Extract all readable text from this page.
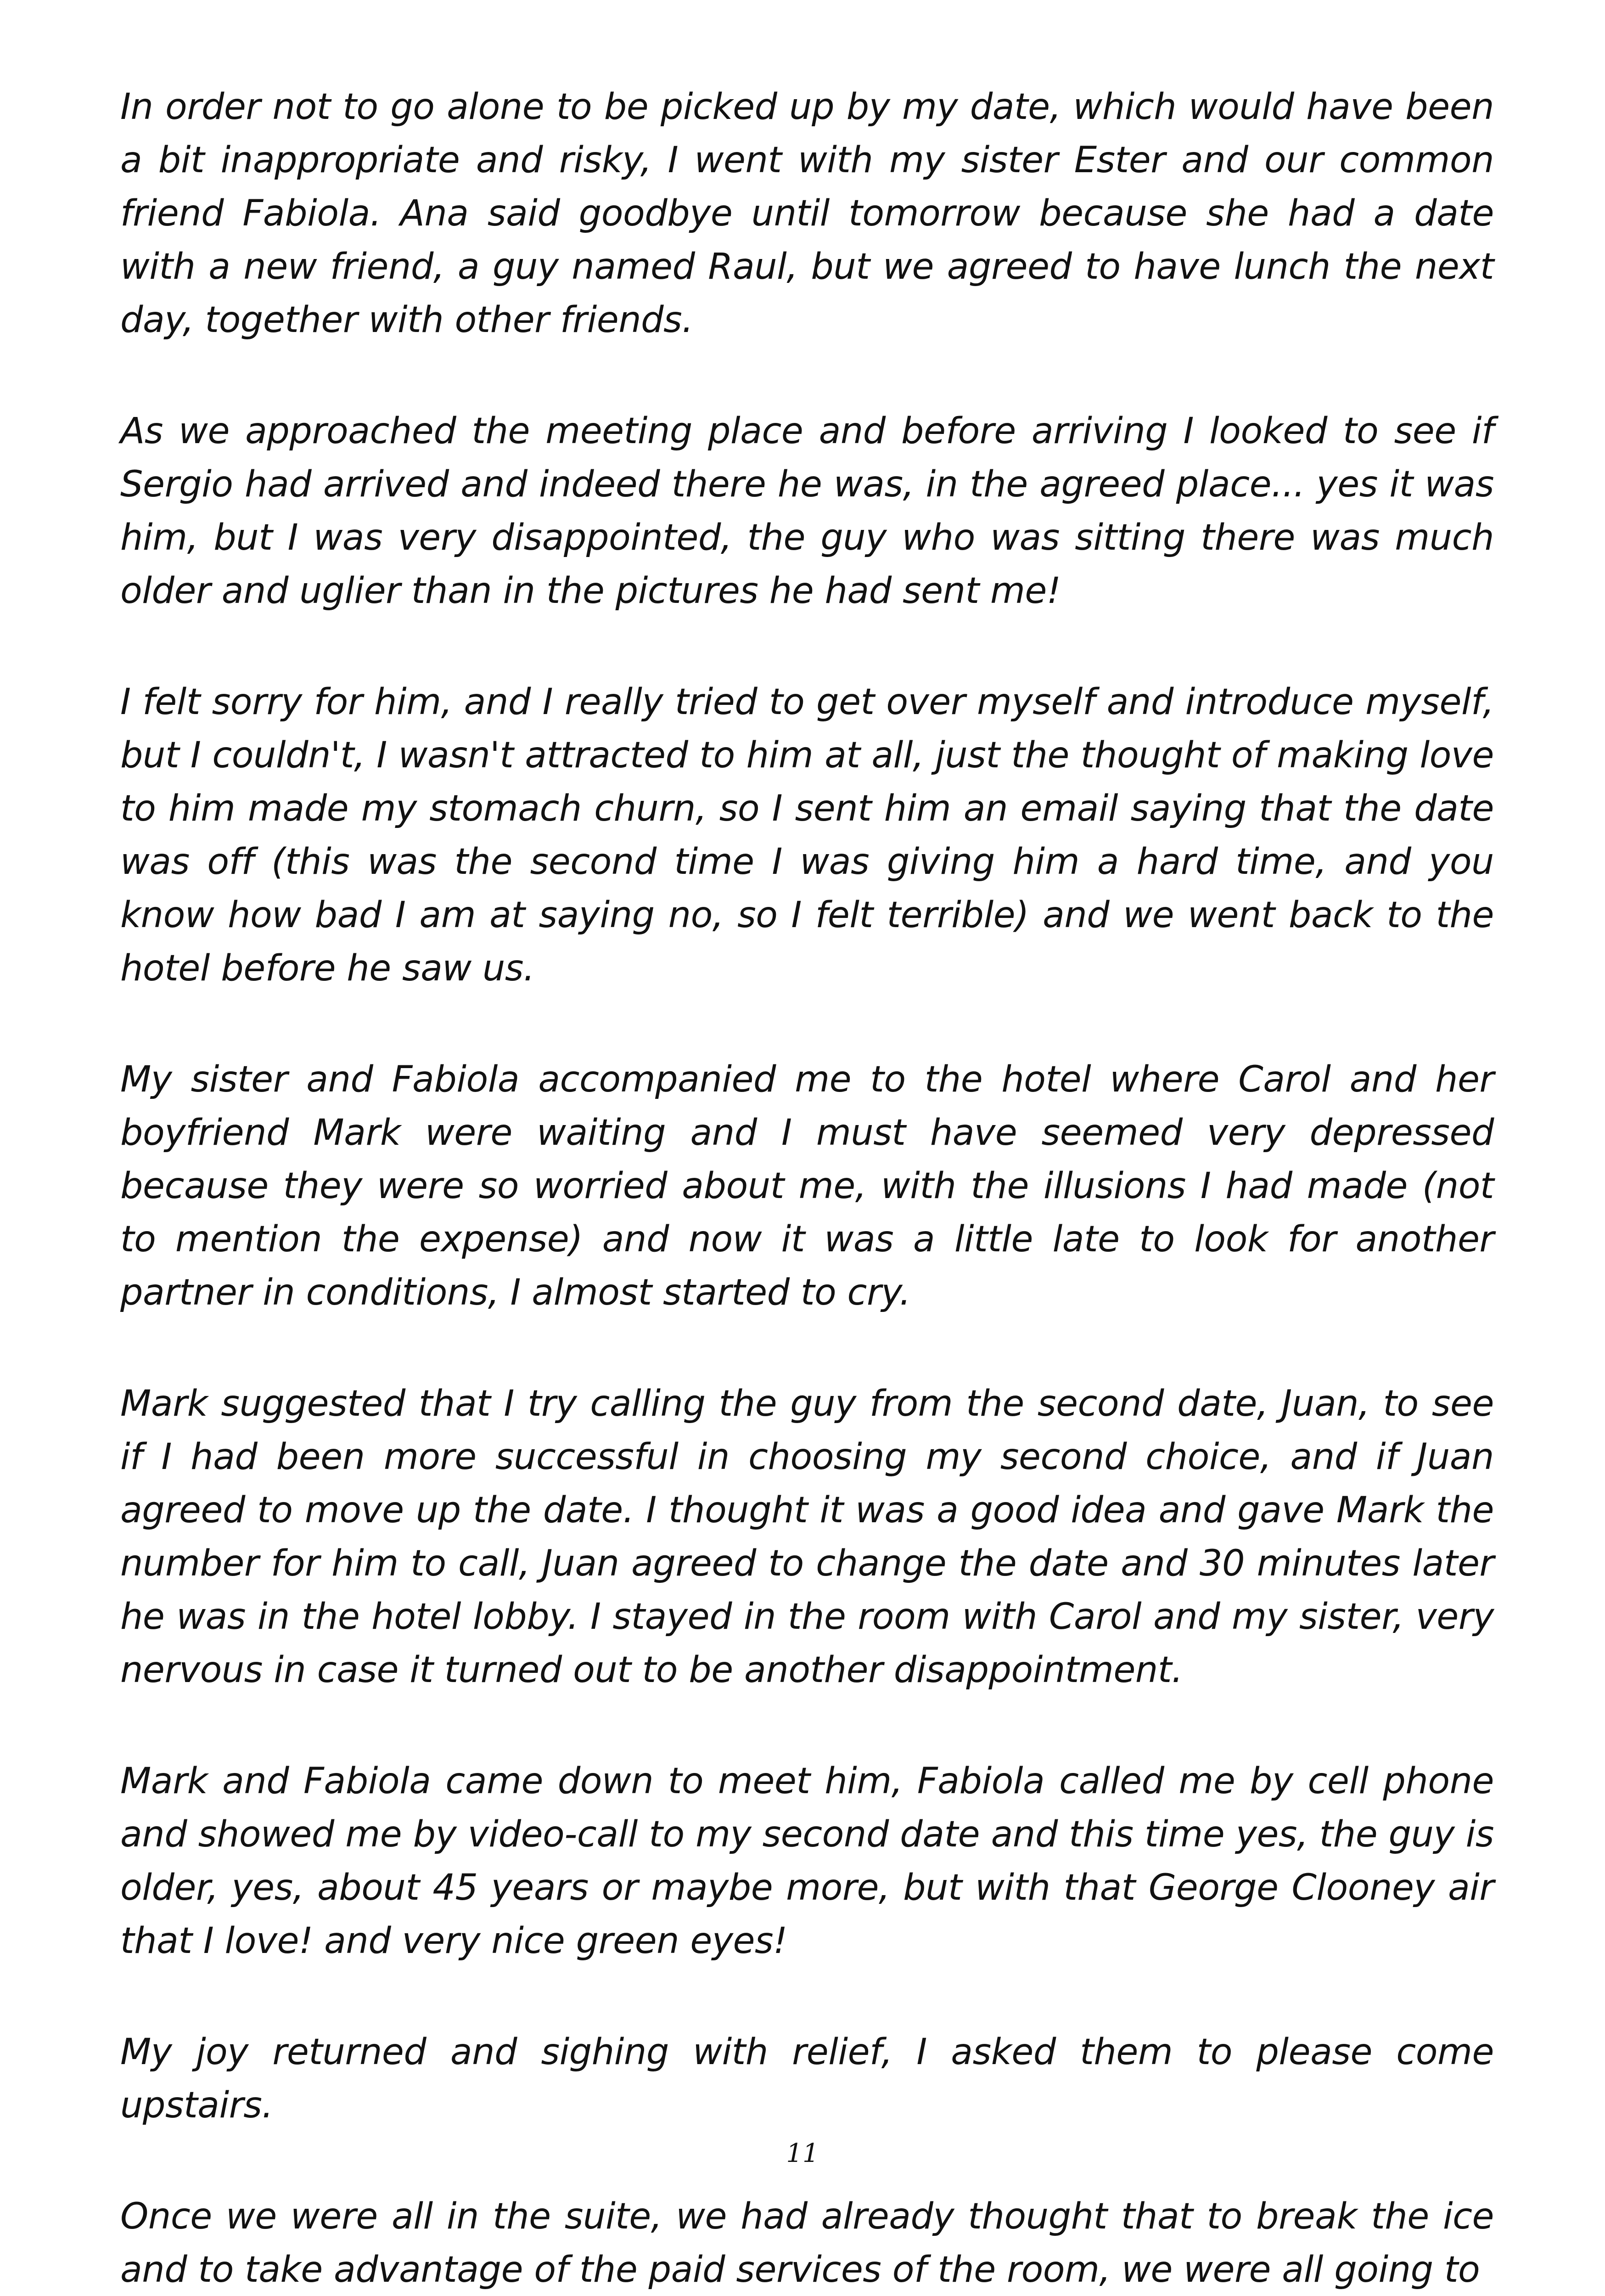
In order not to go alone to be picked up by my date, which would have been a bit inappropriate and risky, I went with my sister Ester and our common friend Fabiola. Ana said goodbye until tomorrow because she had a date with a new friend, a guy named Raul, but we agreed to have lunch the next day, together with other friends.

As we approached the meeting place and before arriving I looked to see if Sergio had arrived and indeed there he was, in the agreed place... yes it was him, but I was very disappointed, the guy who was sitting there was much older and uglier than in the pictures he had sent me!

I felt sorry for him, and I really tried to get over myself and introduce myself, but I couldn't, I wasn't attracted to him at all, just the thought of making love to him made my stomach churn, so I sent him an email saying that the date was off (this was the second time I was giving him a hard time, and you know how bad I am at saying no, so I felt terrible) and we went back to the hotel before he saw us.

My sister and Fabiola accompanied me to the hotel where Carol and her boyfriend Mark were waiting and I must have seemed very depressed because they were so worried about me, with the illusions I had made (not to mention the expense) and now it was a little late to look for another partner in conditions, I almost started to cry.

Mark suggested that I try calling the guy from the second date, Juan, to see if I had been more successful in choosing my second choice, and if Juan agreed to move up the date. I thought it was a good idea and gave Mark the number for him to call, Juan agreed to change the date and 30 minutes later he was in the hotel lobby. I stayed in the room with Carol and my sister, very nervous in case it turned out to be another disappointment.

Mark and Fabiola came down to meet him, Fabiola called me by cell phone and showed me by video-call to my second date and this time yes, the guy is older, yes, about 45 years or maybe more, but with that George Clooney air that I love! and very nice green eyes!

My joy returned and sighing with relief, I asked them to please come upstairs.

Once we were all in the suite, we had already thought that to break the ice and to take advantage of the paid services of the room, we were all going to

11
